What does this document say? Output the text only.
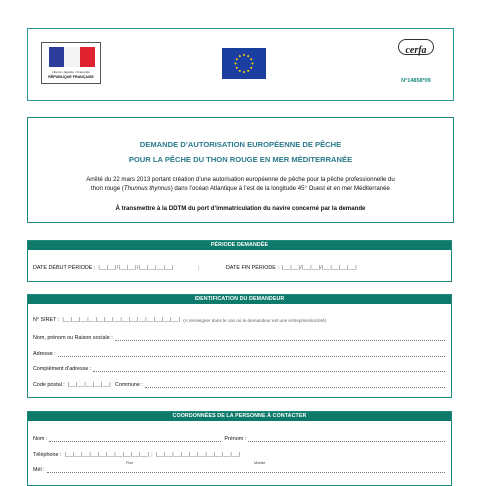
Liberté • Égalité • Fraternité
RÉPUBLIQUE FRANÇAISE
cerfa
N°14858*09
DEMANDE D’AUTORISATION EUROPÉENNE DE PÊCHE
POUR LA PÊCHE DU THON ROUGE EN MER MÉDITERRANÉE
Arrêté du 22 mars 2013 portant création d’une autorisation européenne de pêche pour la pêche professionnelle du
thon rouge (Thunnus thynnus) dans l’océan Atlantique à l’est de la longitude 45° Ouest et en mer Méditerranée
À transmettre à la DDTM du port d’immatriculation du navire concerné par la demande
PÉRIODE DEMANDÉE
DATE DÉBUT PÉRIODE : |__|__|/|__|__|/|__|__|__|__|	;	DATE FIN PÉRIODE : |__|__|/|__|__|/|__|__|__|__|
IDENTIFICATION DU DEMANDEUR
N° SIRET : |__|__|__|__|__|__|__|__|__|__|__|__|__|__| (A renseigner dans le cas où le demandeur est une entreprise/société)
Nom, prénom ou Raison sociale :
Adresse :
Complément d’adresse :
Code postal : |__|__|__|__|__| Commune :
COORDONNÉES DE LA PERSONNE À CONTACTER
Nom :	Prénom :
Téléphone : |__|__|__|__|__|__|__|__|__|__| ; |__|__|__|__|__|__|__|__|__|__|
Fixe	Mobile
Mél :
